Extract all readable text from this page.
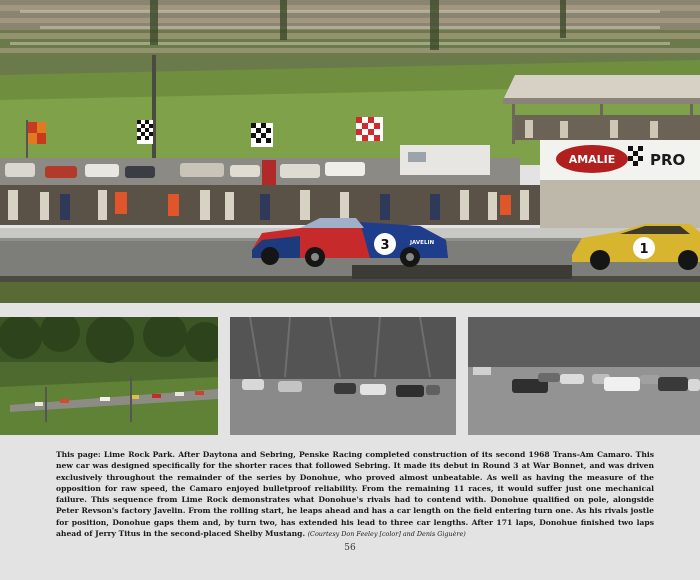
AMALIE PRO
3	JAVELIN	1
This page: Lime Rock Park. After Daytona and Sebring, Penske Racing completed construction of its second 1968 Trans-Am Camaro. This new car was designed specifically for the shorter races that followed Sebring. It made its debut in Round 3 at War Bonnet, and was driven exclusively throughout the remainder of the series by Donohue, who proved almost unbeatable. As well as having the measure of the opposition for raw speed, the Camaro enjoyed bulletproof reliability. From the remaining 11 races, it would suffer just one mechanical failure. This sequence from Lime Rock demonstrates what Donohue's rivals had to contend with. Donohue qualified on pole, alongside Peter Revson's factory Javelin. From the rolling start, he leaps ahead and has a car length on the field entering turn one. As his rivals jostle for position, Donohue gaps them and, by turn two, has extended his lead to three car lengths. After 171 laps, Donohue finished two laps ahead of Jerry Titus in the second-placed Shelby Mustang. (Courtesy Don Feeley [color] and Denis Giguère)
56
